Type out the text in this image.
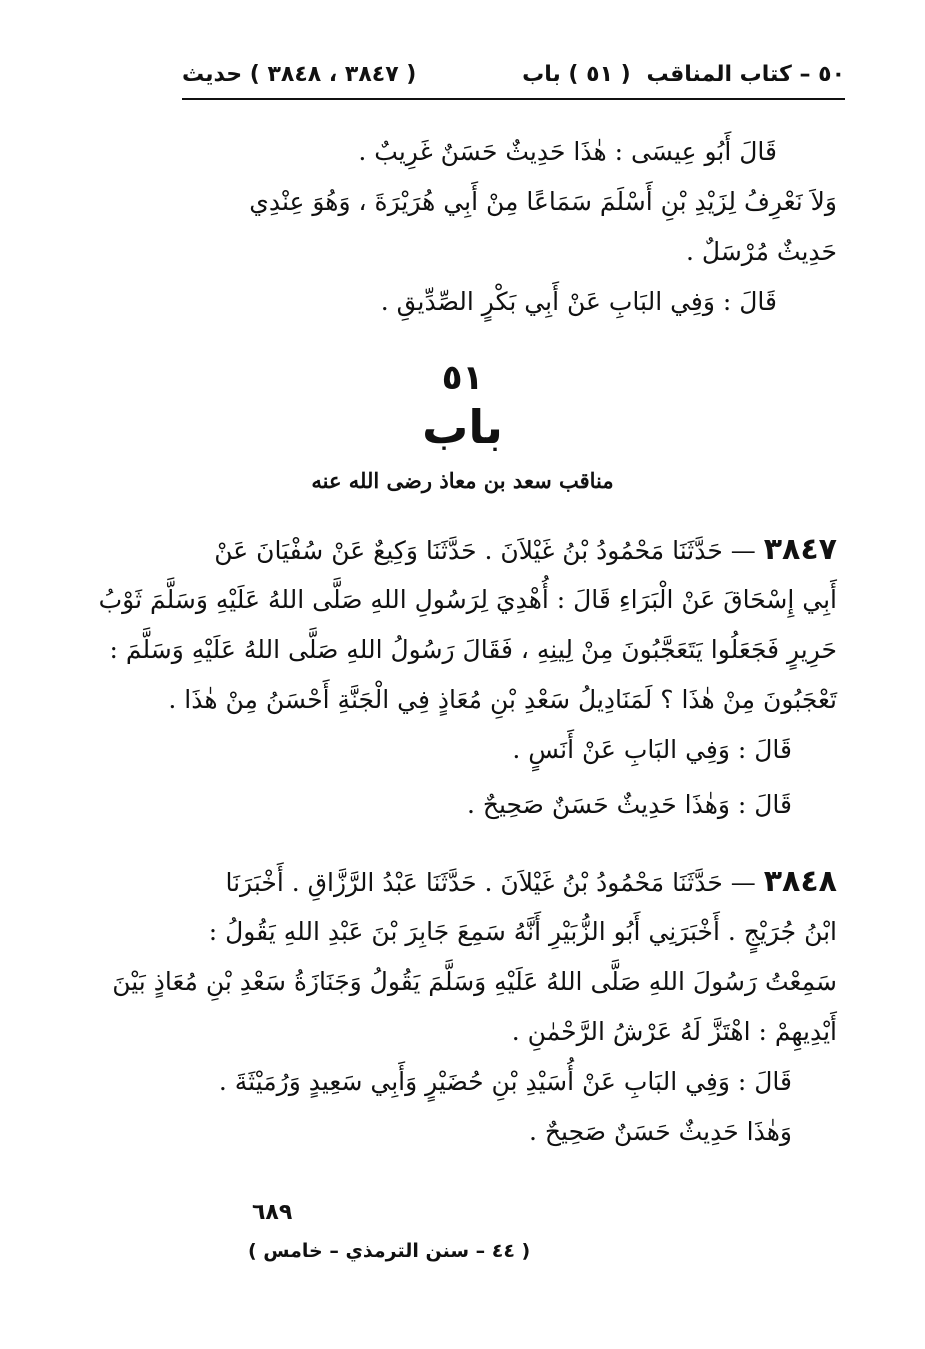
٥٠ – كتاب المناقب
( ٥١ ) باب
( ٣٨٤٧ ، ٣٨٤٨ ) حديث
قَالَ أَبُو عِيسَى : هٰذَا حَدِيثٌ حَسَنٌ غَرِيبٌ .
وَلاَ نَعْرِفُ لِزَيْدِ بْنِ أَسْلَمَ سَمَاعًا مِنْ أَبِي هُرَيْرَةَ ، وَهُوَ عِنْدِي
حَدِيثٌ مُرْسَلٌ .
قَالَ : وَفِي البَابِ عَنْ أَبِي بَكْرٍ الصِّدِّيقِ .
٥١
باب
مناقب سعد بن معاذ رضى الله عنه
٣٨٤٧ — حَدَّثَنَا مَحْمُودُ بْنُ غَيْلاَنَ . حَدَّثَنَا وَكِيعٌ عَنْ سُفْيَانَ عَنْ
أَبِي إِسْحَاقَ عَنْ الْبَرَاءِ قَالَ : أُهْدِيَ لِرَسُولِ اللهِ صَلَّى اللهُ عَلَيْهِ وَسَلَّمَ ثَوْبُ
حَرِيرٍ فَجَعَلُوا يَتَعَجَّبُونَ مِنْ لِينِهِ ، فَقَالَ رَسُولُ اللهِ صَلَّى اللهُ عَلَيْهِ وَسَلَّمَ :
تَعْجَبُونَ مِنْ هٰذَا ؟ لَمَنَادِيلُ سَعْدِ بْنِ مُعَاذٍ فِي الْجَنَّةِ أَحْسَنُ مِنْ هٰذَا .
قَالَ : وَفِي البَابِ عَنْ أَنَسٍ .
قَالَ : وَهٰذَا حَدِيثٌ حَسَنٌ صَحِيحٌ .
٣٨٤٨ — حَدَّثَنَا مَحْمُودُ بْنُ غَيْلاَنَ . حَدَّثَنَا عَبْدُ الرَّزَّاقِ . أَخْبَرَنَا
ابْنُ جُرَيْجٍ . أَخْبَرَنِي أَبُو الزُّبَيْرِ أَنَّهُ سَمِعَ جَابِرَ بْنَ عَبْدِ اللهِ يَقُولُ :
سَمِعْتُ رَسُولَ اللهِ صَلَّى اللهُ عَلَيْهِ وَسَلَّمَ يَقُولُ وَجَنَازَةُ سَعْدِ بْنِ مُعَاذٍ بَيْنَ
أَيْدِيهِمْ : اهْتَزَّ لَهُ عَرْشُ الرَّحْمٰنِ .
قَالَ : وَفِي البَابِ عَنْ أُسَيْدِ بْنِ حُضَيْرٍ وَأَبِي سَعِيدٍ وَرُمَيْثَةَ .
وَهٰذَا حَدِيثٌ حَسَنٌ صَحِيحٌ .
٦٨٩
( ٤٤ – سنن الترمذي – خامس )
